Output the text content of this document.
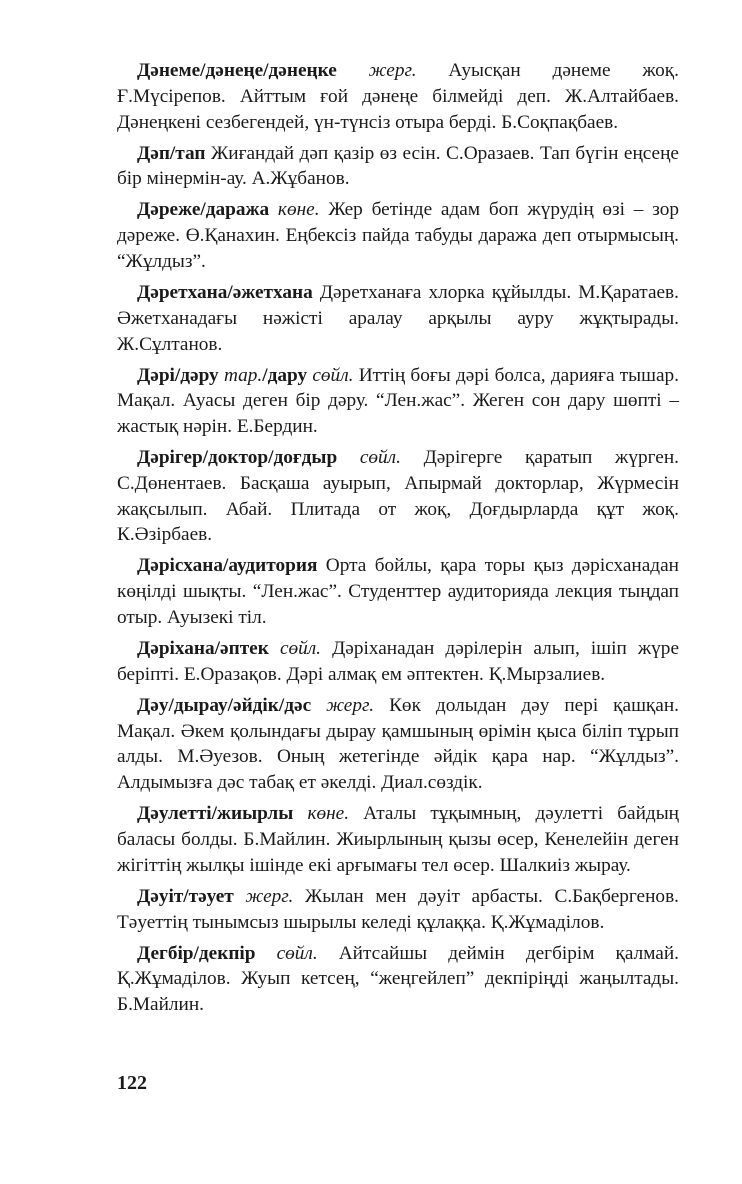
Дәнеме/дәнеңе/дәнеңке жерг. Ауысқан дәнеме жоқ. Ғ.Мүсірепов. Айттым ғой дәнеңе білмейді деп. Ж.Алтайбаев. Дәнеңкені сезбегендей, үн-түнсіз отыра берді. Б.Соқпақбаев.

Дәп/тап Жиғандай дәп қазір өз есін. С.Оразаев. Тап бүгін еңсеңе бір мінермін-ау. А.Жұбанов.

Дәреже/даража көне. Жер бетінде адам боп жүрудің өзі – зор дәреже. Ө.Қанахин. Еңбексіз пайда табуды даража деп отырмысың. “Жұлдыз”.

Дәретхана/әжетхана Дәретханаға хлорка құйылды. М.Қаратаев. Әжетханадағы нәжісті аралау арқылы ауру жұқтырады. Ж.Сұлтанов.

Дәрі/дәру тар./дару сөйл. Иттің боғы дәрі болса, дарияға тышар. Мақал. Ауасы деген бір дәру. “Лен.жас”. Жеген сон дару шөпті – жастық нәрін. Е.Бердин.

Дәрігер/доктор/доғдыр сөйл. Дәрігерге қаратып жүрген. С.Дөнентаев. Басқаша ауырып, Апырмай докторлар, Жүрмесін жақсылып. Абай. Плитада от жоқ, Доғдырларда құт жоқ. К.Әзірбаев.

Дәрісхана/аудитория Орта бойлы, қара торы қыз дәрісханадан көңілді шықты. “Лен.жас”. Студенттер аудиторияда лекция тыңдап отыр. Ауызекі тіл.

Дәріхана/әптек сөйл. Дәріханадан дәрілерін алып, ішіп жүре беріпті. Е.Оразақов. Дәрі алмақ ем әптектен. Қ.Мырзалиев.

Дәу/дырау/әйдік/дәс жерг. Көк долыдан дәу пері қашқан. Мақал. Әкем қолындағы дырау қамшының өрімін қыса біліп тұрып алды. М.Әуезов. Оның жетегінде әйдік қара нар. “Жұлдыз”. Алдымызға дәс табақ ет әкелді. Диал.сөздік.

Дәулетті/жиырлы көне. Аталы тұқымның, дәулетті байдың баласы болды. Б.Майлин. Жиырлының қызы өсер, Кенелейін деген жігіттің жылқы ішінде екі арғымағы тел өсер. Шалкиіз жырау.

Дәуіт/тәует жерг. Жылан мен дәуіт арбасты. С.Бақбергенов. Тәуеттің тынымсыз шырылы келеді құлаққа. Қ.Жұмаділов.

Дегбір/декпір сөйл. Айтсайшы деймін дегбірім қалмай. Қ.Жұмаділов. Жуып кетсең, “жеңгейлеп” декпіріңді жаңылтады. Б.Майлин.

122
